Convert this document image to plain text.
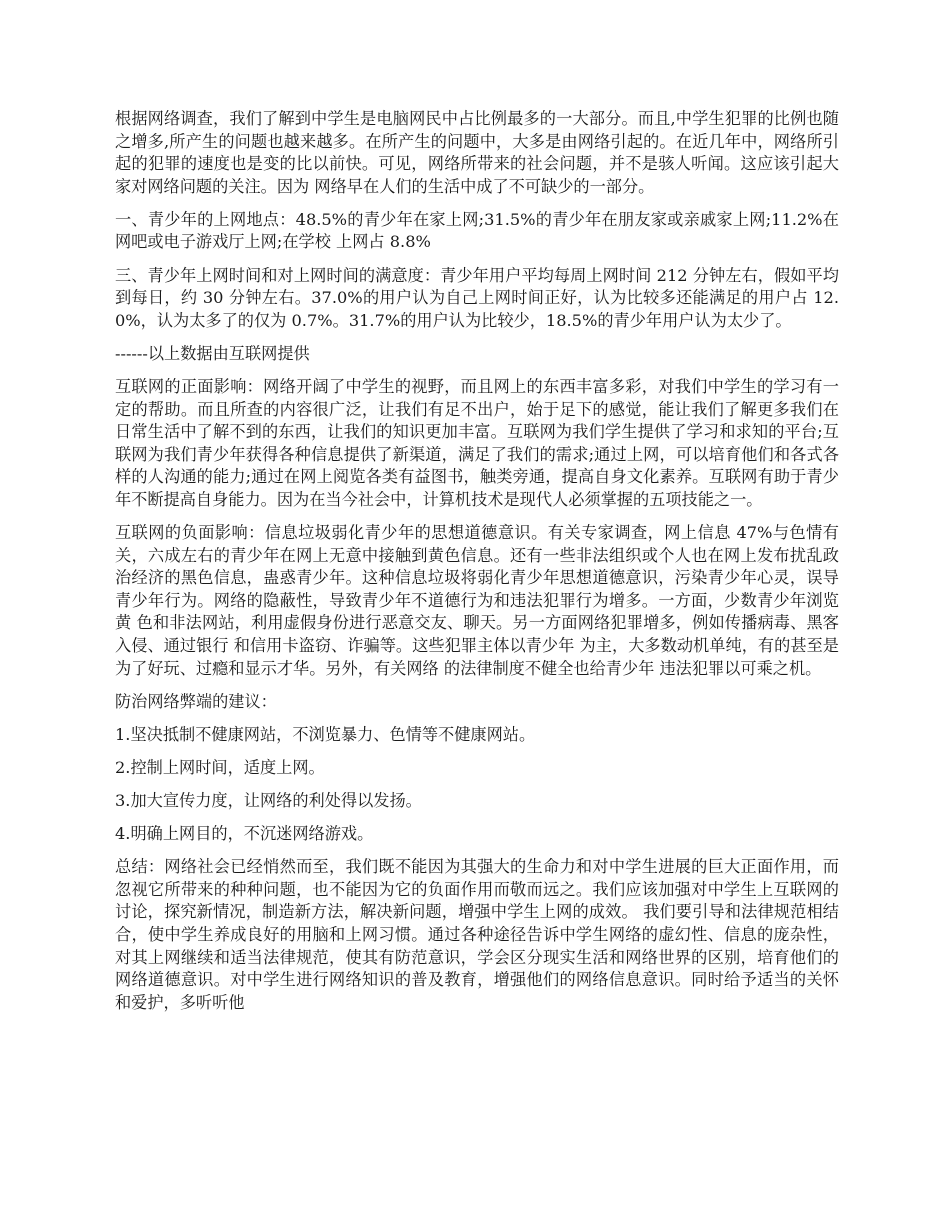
根据网络调查，我们了解到中学生是电脑网民中占比例最多的一大部分。而且,中学生犯罪的比例也随之增多,所产生的问题也越来越多。在所产生的问题中，大多是由网络引起的。在近几年中，网络所引起的犯罪的速度也是变的比以前快。可见，网络所带来的社会问题，并不是骇人听闻。这应该引起大家对网络问题的关注。因为 网络早在人们的生活中成了不可缺少的一部分。

一、青少年的上网地点：48.5%的青少年在家上网;31.5%的青少年在朋友家或亲戚家上网;11.2%在网吧或电子游戏厅上网;在学校 上网占 8.8%

三、青少年上网时间和对上网时间的满意度：青少年用户平均每周上网时间 212 分钟左右，假如平均到每日，约 30 分钟左右。37.0%的用户认为自己上网时间正好，认为比较多还能满足的用户占 12.0%，认为太多了的仅为 0.7%。31.7%的用户认为比较少，18.5%的青少年用户认为太少了。

------以上数据由互联网提供

互联网的正面影响：网络开阔了中学生的视野，而且网上的东西丰富多彩，对我们中学生的学习有一定的帮助。而且所查的内容很广泛，让我们有足不出户，始于足下的感觉，能让我们了解更多我们在日常生活中了解不到的东西，让我们的知识更加丰富。互联网为我们学生提供了学习和求知的平台;互联网为我们青少年获得各种信息提供了新渠道，满足了我们的需求;通过上网，可以培育他们和各式各样的人沟通的能力;通过在网上阅览各类有益图书，触类旁通，提高自身文化素养。互联网有助于青少年不断提高自身能力。因为在当今社会中，计算机技术是现代人必须掌握的五项技能之一。

互联网的负面影响：信息垃圾弱化青少年的思想道德意识。有关专家调查，网上信息 47%与色情有关，六成左右的青少年在网上无意中接触到黄色信息。还有一些非法组织或个人也在网上发布扰乱政治经济的黑色信息，蛊惑青少年。这种信息垃圾将弱化青少年思想道德意识，污染青少年心灵，误导青少年行为。网络的隐蔽性，导致青少年不道德行为和违法犯罪行为增多。一方面，少数青少年浏览黄 色和非法网站，利用虚假身份进行恶意交友、聊天。另一方面网络犯罪增多，例如传播病毒、黑客入侵、通过银行 和信用卡盗窃、诈骗等。这些犯罪主体以青少年 为主，大多数动机单纯，有的甚至是为了好玩、过瘾和显示才华。另外，有关网络 的法律制度不健全也给青少年 违法犯罪以可乘之机。

防治网络弊端的建议：

1.坚决抵制不健康网站，不浏览暴力、色情等不健康网站。

2.控制上网时间，适度上网。

3.加大宣传力度，让网络的利处得以发扬。

4.明确上网目的，不沉迷网络游戏。

总结：网络社会已经悄然而至，我们既不能因为其强大的生命力和对中学生进展的巨大正面作用，而忽视它所带来的种种问题，也不能因为它的负面作用而敬而远之。我们应该加强对中学生上互联网的讨论，探究新情况，制造新方法，解决新问题，增强中学生上网的成效。 我们要引导和法律规范相结合，使中学生养成良好的用脑和上网习惯。通过各种途径告诉中学生网络的虚幻性、信息的庞杂性，对其上网继续和适当法律规范，使其有防范意识，学会区分现实生活和网络世界的区别，培育他们的网络道德意识。对中学生进行网络知识的普及教育，增强他们的网络信息意识。同时给予适当的关怀和爱护，多听听他
